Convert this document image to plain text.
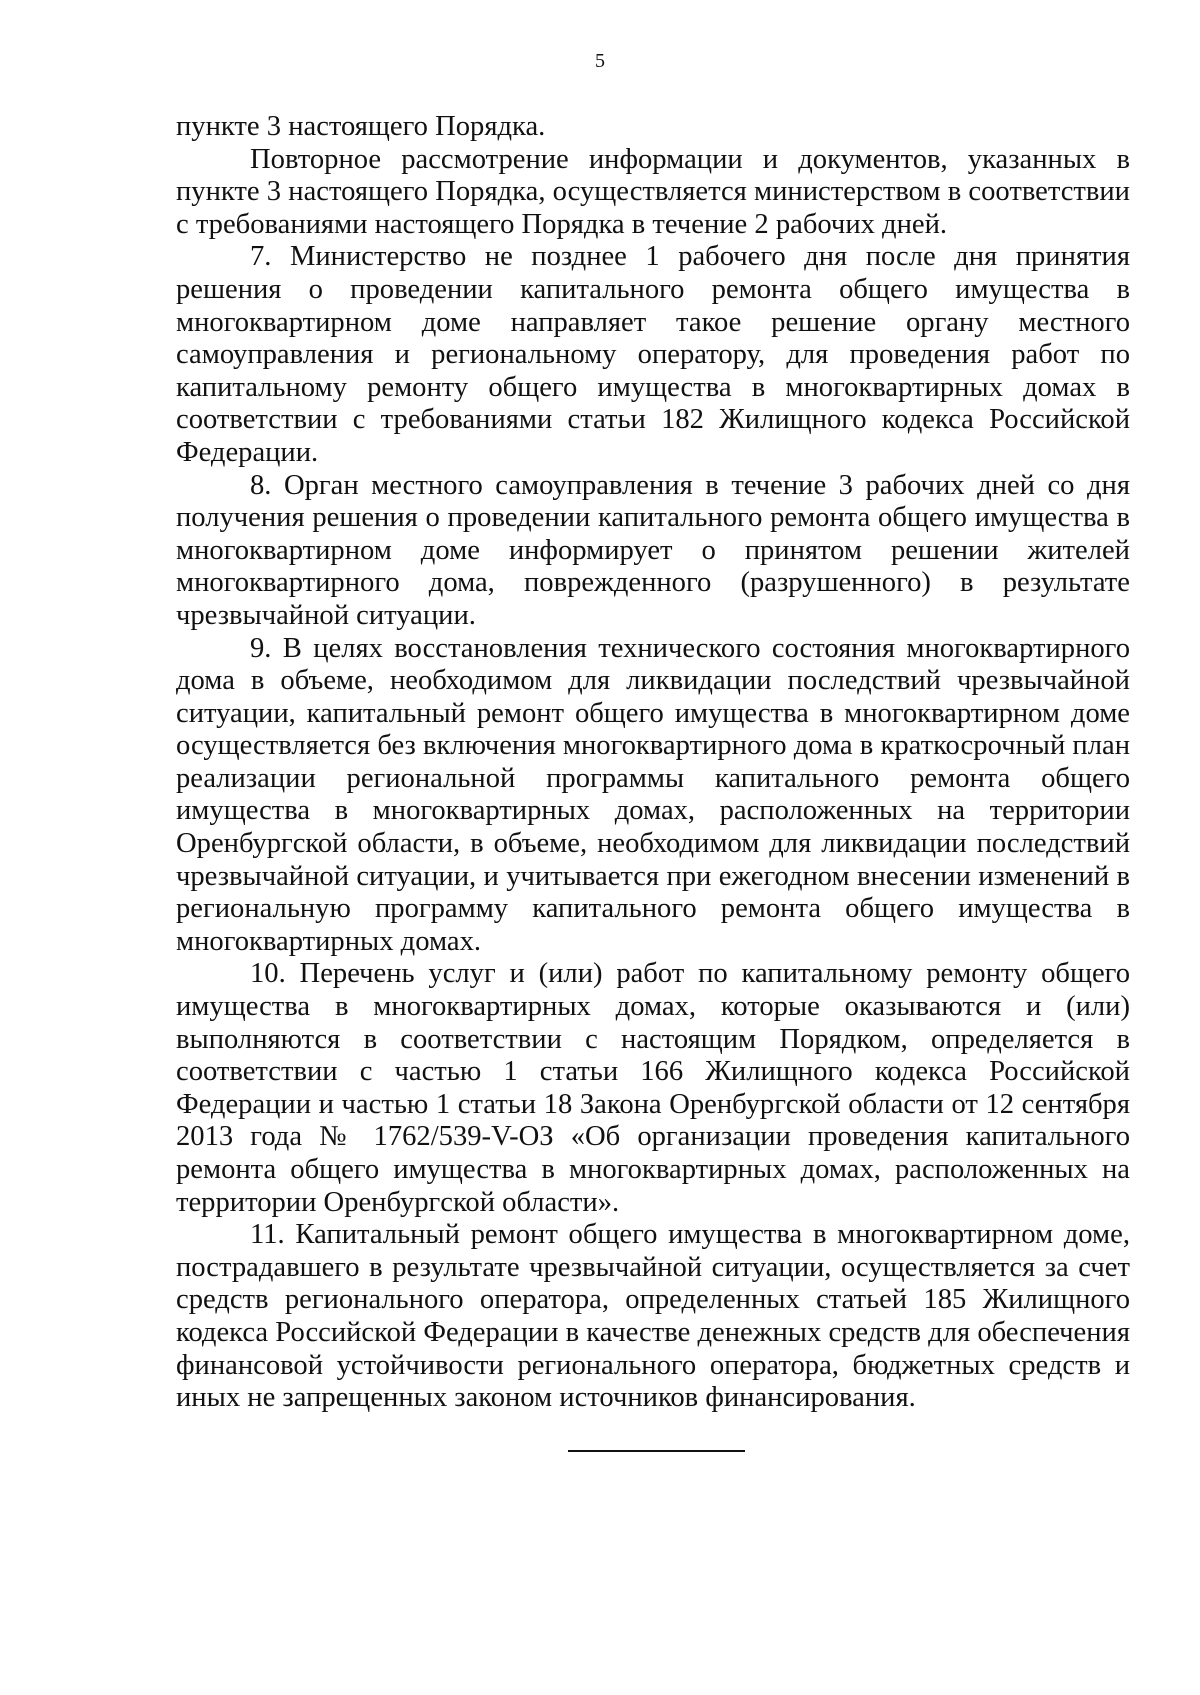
5

пункте 3 настоящего Порядка.

Повторное рассмотрение информации и документов, указанных в пункте 3 настоящего Порядка, осуществляется министерством в соответствии с требованиями настоящего Порядка в течение 2 рабочих дней.

7. Министерство не позднее 1 рабочего дня после дня принятия решения о проведении капитального ремонта общего имущества в многоквартирном доме направляет такое решение органу местного самоуправления и региональному оператору, для проведения работ по капитальному ремонту общего имущества в многоквартирных домах в соответствии с требованиями статьи 182 Жилищного кодекса Российской Федерации.

8. Орган местного самоуправления в течение 3 рабочих дней со дня получения решения о проведении капитального ремонта общего имущества в многоквартирном доме информирует о принятом решении жителей многоквартирного дома, поврежденного (разрушенного) в результате чрезвычайной ситуации.

9. В целях восстановления технического состояния многоквартирного дома в объеме, необходимом для ликвидации последствий чрезвычайной ситуации, капитальный ремонт общего имущества в многоквартирном доме осуществляется без включения многоквартирного дома в краткосрочный план реализации региональной программы капитального ремонта общего имущества в многоквартирных домах, расположенных на территории Оренбургской области, в объеме, необходимом для ликвидации последствий чрезвычайной ситуации, и учитывается при ежегодном внесении изменений в региональную программу капитального ремонта общего имущества в многоквартирных домах.

10. Перечень услуг и (или) работ по капитальному ремонту общего имущества в многоквартирных домах, которые оказываются и (или) выполняются в соответствии с настоящим Порядком, определяется в соответствии с частью 1 статьи 166 Жилищного кодекса Российской Федерации и частью 1 статьи 18 Закона Оренбургской области от 12 сентября 2013 года № 1762/539-V-ОЗ «Об организации проведения капитального ремонта общего имущества в многоквартирных домах, расположенных на территории Оренбургской области».

11. Капитальный ремонт общего имущества в многоквартирном доме, пострадавшего в результате чрезвычайной ситуации, осуществляется за счет средств регионального оператора, определенных статьей 185 Жилищного кодекса Российской Федерации в качестве денежных средств для обеспечения финансовой устойчивости регионального оператора, бюджетных средств и иных не запрещенных законом источников финансирования.
